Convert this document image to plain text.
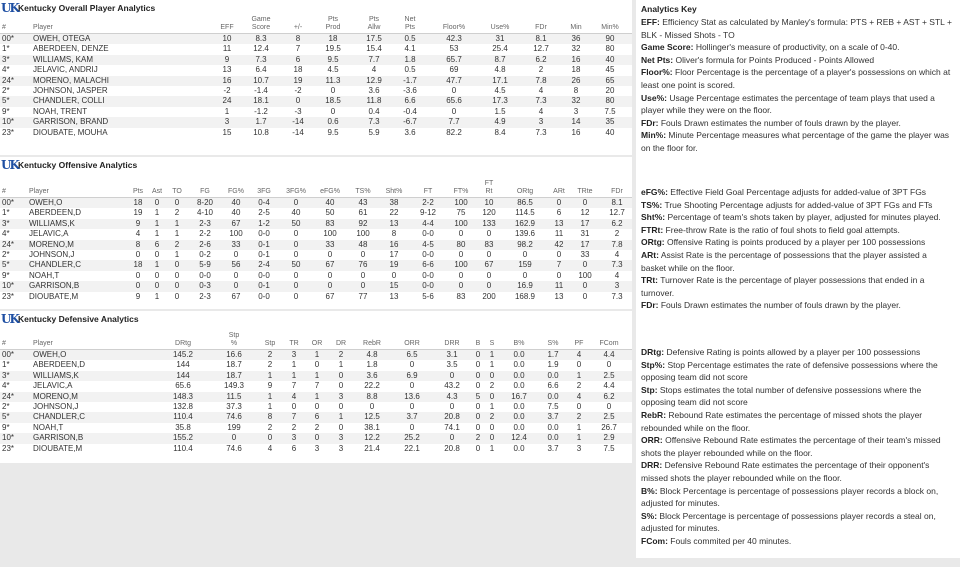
UK Kentucky Overall Player Analytics
#	Player	EFF
Game
Score	+/-
Pts
Prod
Pts
Allw
Net
Pts	Floor%	Use%	FDr	Min	Min%
00*	OWEH, OTEGA	10	8.3	8	18	17.5	0.5	42.3	31	8.1	36	90
1*	ABERDEEN, DENZE	11	12.4	7	19.5	15.4	4.1	53	25.4	12.7	32	80
3*	WILLIAMS, KAM	9	7.3	6	9.5	7.7	1.8	65.7	8.7	6.2	16	40
4*	JELAVIC, ANDRIJ	13	6.4	18	4.5	4	0.5	69	4.8	2	18	45
24*	MORENO, MALACHI	16	10.7	19	11.3	12.9	-1.7	47.7	17.1	7.8	26	65
2*	JOHNSON, JASPER	-2	-1.4	-2	0	3.6	-3.6	0	4.5	4	8	20
5*	CHANDLER, COLLI	24	18.1	0	18.5	11.8	6.6	65.6	17.3	7.3	32	80
9*	NOAH, TRENT	1	-1.2	-3	0	0.4	-0.4	0	1.5	4	3	7.5
10*	GARRISON, BRAND	3	1.7	-14	0.6	7.3	-6.7	7.7	4.9	3	14	35
23*	DIOUBATE, MOUHA	15	10.8	-14	9.5	5.9	3.6	82.2	8.4	7.3	16	40
UK Kentucky Offensive Analytics
#	Player	Pts	Ast	TO	FG	FG%	3FG	3FG%	eFG%	TS%	Sht%	FT	FT%
FT
Rt	ORtg	ARt	TRte	FDr
00*	OWEH,O	18	0	0	8-20	40	0-4	0	40	43	38	2-2	100	10	86.5	0	0	8.1
1*	ABERDEEN,D	19	1	2	4-10	40	2-5	40	50	61	22	9-12	75	120	114.5	6	12	12.7
3*	WILLIAMS,K	9	1	1	2-3	67	1-2	50	83	92	13	4-4	100	133	162.9	13	17	6.2
4*	JELAVIC,A	4	1	1	2-2	100	0-0	0	100	100	8	0-0	0	0	139.6	11	31	2
24*	MORENO,M	8	6	2	2-6	33	0-1	0	33	48	16	4-5	80	83	98.2	42	17	7.8
2*	JOHNSON,J	0	0	1	0-2	0	0-1	0	0	0	17	0-0	0	0	0	0	33	4
5*	CHANDLER,C	18	1	0	5-9	56	2-4	50	67	76	19	6-6	100	67	159	7	0	7.3
9*	NOAH,T	0	0	0	0-0	0	0-0	0	0	0	0	0-0	0	0	0	0	100	4
10*	GARRISON,B	0	0	0	0-3	0	0-1	0	0	0	15	0-0	0	0	16.9	11	0	3
23*	DIOUBATE,M	9	1	0	2-3	67	0-0	0	67	77	13	5-6	83	200	168.9	13	0	7.3
UK Kentucky Defensive Analytics
#	Player	DRtg
Stp
%	Stp	TR	OR	DR	RebR	ORR	DRR	B	S	B%	S%	PF	FCom
00*	OWEH,O	145.2	16.6	2	3	1	2	4.8	6.5	3.1	0	1	0.0	1.7	4	4.4
1*	ABERDEEN,D	144	18.7	2	1	0	1	1.8	0	3.5	0	1	0.0	1.9	0	0
3*	WILLIAMS,K	144	18.7	1	1	1	0	3.6	6.9	0	0	0	0.0	0.0	1	2.5
4*	JELAVIC,A	65.6	149.3	9	7	7	0	22.2	0	43.2	0	2	0.0	6.6	2	4.4
24*	MORENO,M	148.3	11.5	1	4	1	3	8.8	13.6	4.3	5	0	16.7	0.0	4	6.2
2*	JOHNSON,J	132.8	37.3	1	0	0	0	0	0	0	0	1	0.0	7.5	0	0
5*	CHANDLER,C	110.4	74.6	8	7	6	1	12.5	3.7	20.8	0	2	0.0	3.7	2	2.5
9*	NOAH,T	35.8	199	2	2	2	0	38.1	0	74.1	0	0	0.0	0.0	1	26.7
10*	GARRISON,B	155.2	0	0	3	0	3	12.2	25.2	0	2	0	12.4	0.0	1	2.9
23*	DIOUBATE,M	110.4	74.6	4	6	3	3	21.4	22.1	20.8	0	1	0.0	3.7	3	7.5
Analytics Key
EFF: Efficiency Stat as calculated by Manley's formula: PTS + REB + AST + STL + BLK - Missed Shots - TO
Game Score: Hollinger's measure of productivity, on a scale of 0-40.
Net Pts: Oliver's formula for Points Produced - Points Allowed
Floor%: Floor Percentage is the percentage of a player's possessions on which at least one point is scored.
Use%: Usage Percentage estimates the percentage of team plays that used a player while they were on the floor.
FDr: Fouls Drawn estimates the number of fouls drawn by the player.
Min%: Minute Percentage measures what percentage of the game the player was on the floor for.
eFG%: Effective Field Goal Percentage adjusts for added-value of 3PT FGs
TS%: True Shooting Percentage adjusts for added-value of 3PT FGs and FTs
Sht%: Percentage of team's shots taken by player, adjusted for minutes played.
FTRt: Free-throw Rate is the ratio of foul shots to field goal attempts.
ORtg: Offensive Rating is points produced by a player per 100 possessions
ARt: Assist Rate is the percentage of possessions that the player assisted a basket while on the floor.
TRt: Turnover Rate is the percentage of player possessions that ended in a turnover.
FDr: Fouls Drawn estimates the number of fouls drawn by the player.
DRtg: Defensive Rating is points allowed by a player per 100 possessions
Stp%: Stop Percentage estimates the rate of defensive possessions where the opposing team did not score
Stp: Stops estimates the total number of defensive possessions where the opposing team did not score
RebR: Rebound Rate estimates the percentage of missed shots the player rebounded while on the floor.
ORR: Offensive Rebound Rate estimates the percentage of their team's missed shots the player rebounded while on the floor.
DRR: Defensive Rebound Rate estimates the percentage of their opponent's missed shots the player rebounded while on the floor.
B%: Block Percentage is percentage of possessions player records a block on, adjusted for minutes.
S%: Block Percentage is percentage of possessions player records a steal on, adjusted for minutes.
FCom: Fouls commited per 40 minutes.
